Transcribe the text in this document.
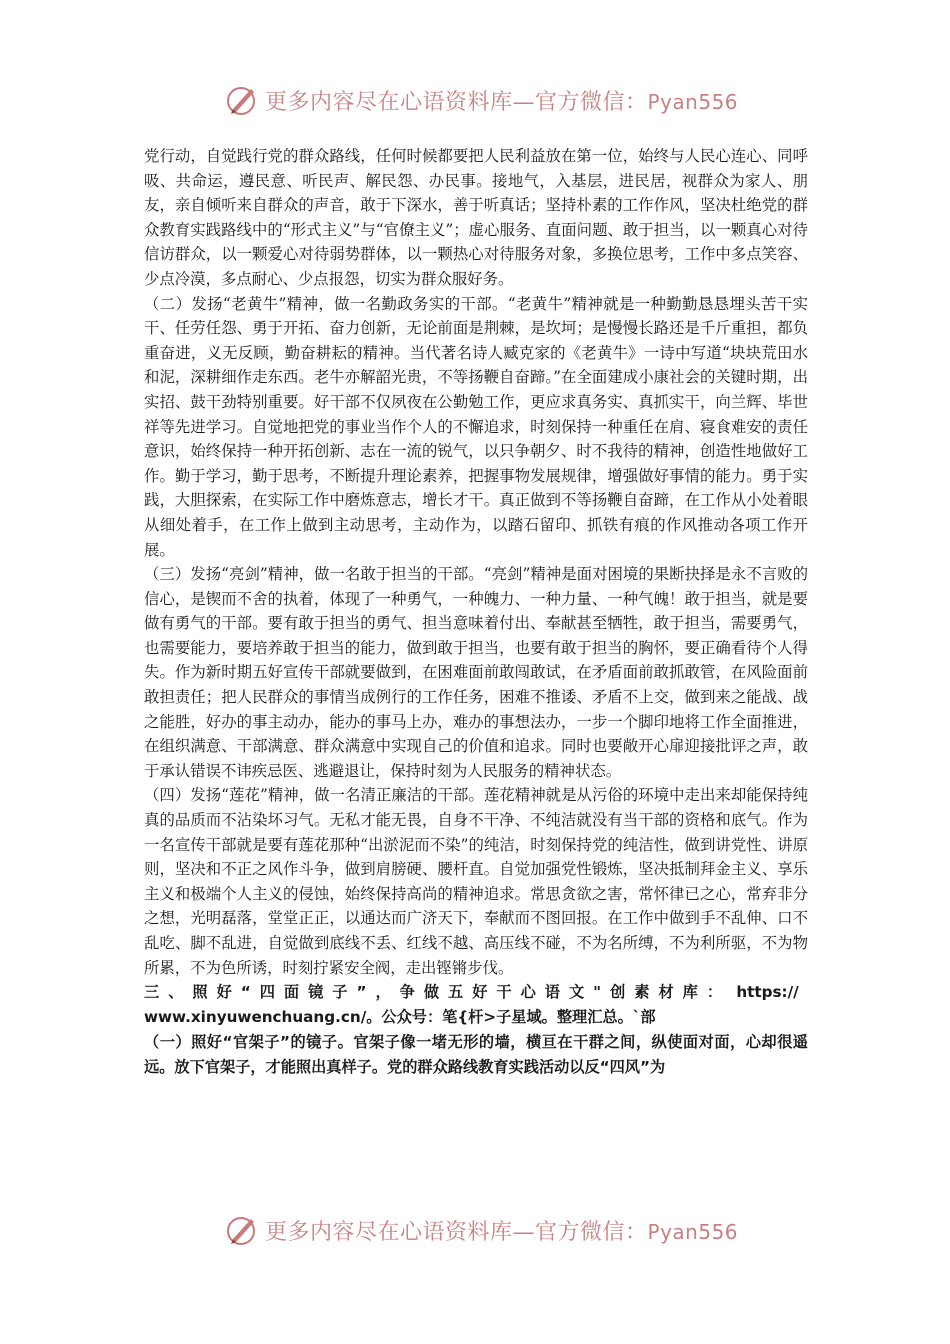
更多内容尽在心语资料库—官方微信：Pyan556

党行动，自觉践行党的群众路线，任何时候都要把人民利益放在第一位，始终与人民心连心、同呼吸、共命运，遵民意、听民声、解民怨、办民事。接地气，入基层，进民居，视群众为家人、朋友，亲自倾听来自群众的声音，敢于下深水，善于听真话；坚持朴素的工作作风，坚决杜绝党的群众教育实践路线中的“形式主义”与“官僚主义”；虚心服务、直面问题、敢于担当，以一颗真心对待信访群众，以一颗爱心对待弱势群体，以一颗热心对待服务对象，多换位思考，工作中多点笑容、少点冷漠，多点耐心、少点报怨，切实为群众服好务。

（二）发扬“老黄牛”精神，做一名勤政务实的干部。“老黄牛”精神就是一种勤勤恳恳埋头苦干实干、任劳任怨、勇于开拓、奋力创新，无论前面是荆棘，是坎坷；是慢慢长路还是千斤重担，都负重奋进，义无反顾，勤奋耕耘的精神。当代著名诗人臧克家的《老黄牛》一诗中写道“块块荒田水和泥，深耕细作走东西。老牛亦解韶光贵，不等扬鞭自奋蹄。”在全面建成小康社会的关键时期，出实招、鼓干劲特别重要。好干部不仅夙夜在公勤勉工作，更应求真务实、真抓实干，向兰辉、毕世祥等先进学习。自觉地把党的事业当作个人的不懈追求，时刻保持一种重任在肩、寝食难安的责任意识，始终保持一种开拓创新、志在一流的锐气，以只争朝夕、时不我待的精神，创造性地做好工作。勤于学习，勤于思考，不断提升理论素养，把握事物发展规律，增强做好事情的能力。勇于实践，大胆探索，在实际工作中磨炼意志，增长才干。真正做到不等扬鞭自奋蹄，在工作从小处着眼从细处着手，在工作上做到主动思考，主动作为，以踏石留印、抓铁有痕的作风推动各项工作开展。

（三）发扬“亮剑”精神，做一名敢于担当的干部。“亮剑”精神是面对困境的果断抉择是永不言败的信心，是锲而不舍的执着，体现了一种勇气，一种魄力、一种力量、一种气魄！敢于担当，就是要做有勇气的干部。要有敢于担当的勇气、担当意味着付出、奉献甚至牺牲，敢于担当，需要勇气，也需要能力，要培养敢于担当的能力，做到敢于担当，也要有敢于担当的胸怀，要正确看待个人得失。作为新时期五好宣传干部就要做到，在困难面前敢闯敢试，在矛盾面前敢抓敢管，在风险面前敢担责任；把人民群众的事情当成例行的工作任务，困难不推诿、矛盾不上交，做到来之能战、战之能胜，好办的事主动办，能办的事马上办，难办的事想法办，一步一个脚印地将工作全面推进，在组织满意、干部满意、群众满意中实现自己的价值和追求。同时也要敞开心扉迎接批评之声，敢于承认错误不讳疾忌医、逃避退让，保持时刻为人民服务的精神状态。

（四）发扬“莲花”精神，做一名清正廉洁的干部。莲花精神就是从污俗的环境中走出来却能保持纯真的品质而不沾染坏习气。无私才能无畏，自身不干净、不纯洁就没有当干部的资格和底气。作为一名宣传干部就是要有莲花那种“出淤泥而不染”的纯洁，时刻保持党的纯洁性，做到讲党性、讲原则，坚决和不正之风作斗争，做到肩膀硬、腰杆直。自觉加强党性锻炼，坚决抵制拜金主义、享乐主义和极端个人主义的侵蚀，始终保持高尚的精神追求。常思贪欲之害，常怀律已之心，常弃非分之想，光明磊落，堂堂正正，以通达而广济天下，奉献而不图回报。在工作中做到手不乱伸、口不乱吃、脚不乱进，自觉做到底线不丢、红线不越、高压线不碰，不为名所缚，不为利所驱，不为物所累，不为色所诱，时刻拧紧安全阀，走出铿锵步伐。

三、照好“四面镜子”，争做五好干心语文"创素材库： https://
www.xinyuwenchuang.cn/。公众号：笔{杆>子星域。整理汇总。`部

（一）照好“官架子”的镜子。官架子像一堵无形的墙，横亘在干群之间，纵使面对面，心却很遥远。放下官架子，才能照出真样子。党的群众路线教育实践活动以反“四风”为

更多内容尽在心语资料库—官方微信：Pyan556
